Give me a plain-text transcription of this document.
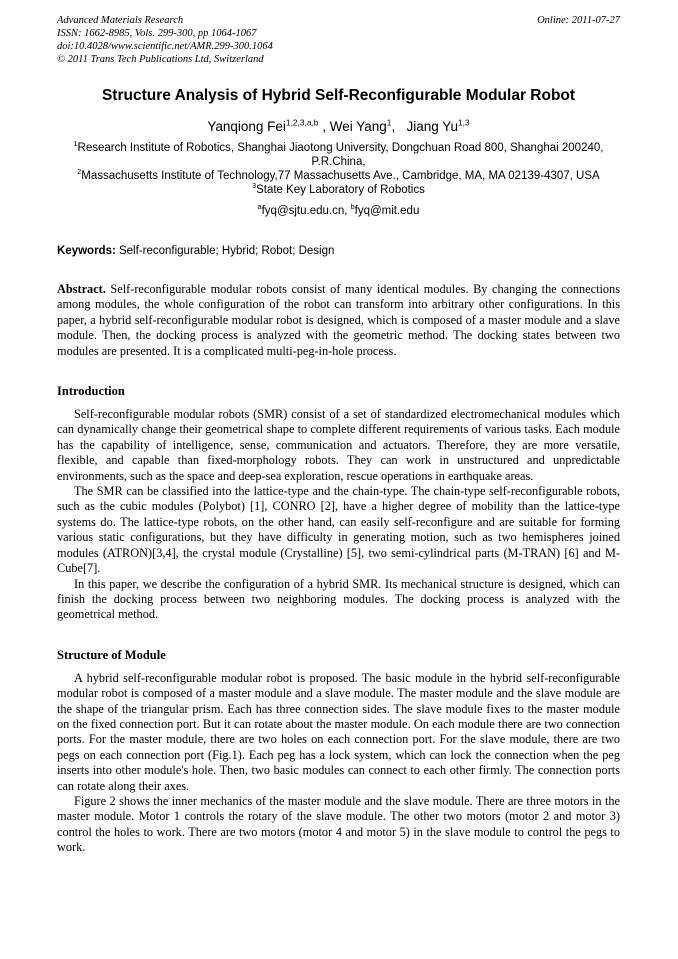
Advanced Materials Research
ISSN: 1662-8985, Vols. 299-300, pp 1064-1067
doi:10.4028/www.scientific.net/AMR.299-300.1064
© 2011 Trans Tech Publications Ltd, Switzerland
Online: 2011-07-27
Structure Analysis of Hybrid Self-Reconfigurable Modular Robot
Yanqiong Fei$^{1,2,3,a,b}$ , Wei Yang$^1$,   Jiang Yu$^{1,3}$
$^1$Research Institute of Robotics, Shanghai Jiaotong University, Dongchuan Road 800, Shanghai 200240, P.R.China,
$^2$Massachusetts Institute of Technology,77 Massachusetts Ave., Cambridge, MA, MA 02139-4307, USA
$^3$State Key Laboratory of Robotics
$^a$fyq@sjtu.edu.cn, $^b$fyq@mit.edu

Keywords: Self-reconfigurable; Hybrid; Robot; Design

Abstract. Self-reconfigurable modular robots consist of many identical modules. By changing the connections among modules, the whole configuration of the robot can transform into arbitrary other configurations. In this paper, a hybrid self-reconfigurable modular robot is designed, which is composed of a master module and a slave module. Then, the docking process is analyzed with the geometric method. The docking states between two modules are presented. It is a complicated multi-peg-in-hole process.

Introduction

Self-reconfigurable modular robots (SMR) consist of a set of standardized electromechanical modules which can dynamically change their geometrical shape to complete different requirements of various tasks. Each module has the capability of intelligence, sense, communication and actuators. Therefore, they are more versatile, flexible, and capable than fixed-morphology robots. They can work in unstructured and unpredictable environments, such as the space and deep-sea exploration, rescue operations in earthquake areas.

The SMR can be classified into the lattice-type and the chain-type. The chain-type self-reconfigurable robots, such as the cubic modules (Polybot) [1], CONRO [2], have a higher degree of mobility than the lattice-type systems do. The lattice-type robots, on the other hand, can easily self-reconfigure and are suitable for forming various static configurations, but they have difficulty in generating motion, such as two hemispheres joined modules (ATRON)[3,4], the crystal module (Crystalline) [5], two semi-cylindrical parts (M-TRAN) [6] and M-Cube[7].

In this paper, we describe the configuration of a hybrid SMR. Its mechanical structure is designed, which can finish the docking process between two neighboring modules. The docking process is analyzed with the geometrical method.

Structure of Module

A hybrid self-reconfigurable modular robot is proposed. The basic module in the hybrid self-reconfigurable modular robot is composed of a master module and a slave module. The master module and the slave module are the shape of the triangular prism. Each has three connection sides. The slave module fixes to the master module on the fixed connection port. But it can rotate about the master module. On each module there are two connection ports. For the master module, there are two holes on each connection port. For the slave module, there are two pegs on each connection port (Fig.1). Each peg has a lock system, which can lock the connection when the peg inserts into other module's hole. Then, two basic modules can connect to each other firmly. The connection ports can rotate along their axes.

Figure 2 shows the inner mechanics of the master module and the slave module. There are three motors in the master module. Motor 1 controls the rotary of the slave module. The other two motors (motor 2 and motor 3) control the holes to work. There are two motors (motor 4 and motor 5) in the slave module to control the pegs to work.
